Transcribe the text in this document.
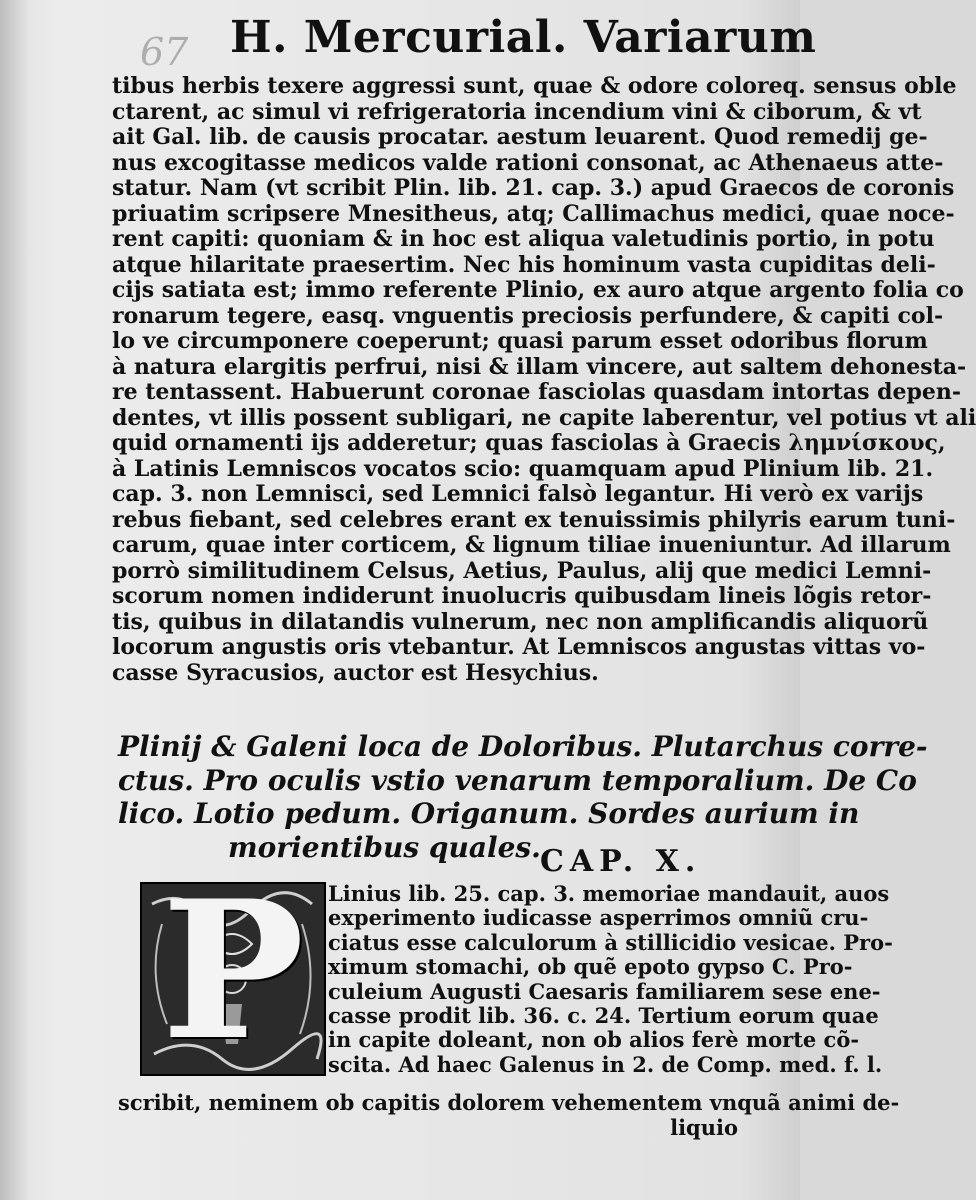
67 H. Mercurial. Variarum
tibus herbis texere aggressi sunt, quae & odore coloreq. sensus oble
ctarent, ac simul vi refrigeratoria incendium vini & ciborum, & vt
ait Gal. lib. de causis procatar. aestum leuarent. Quod remedij ge-
nus excogitasse medicos valde rationi consonat, ac Athenaeus atte-
statur. Nam (vt scribit Plin. lib. 21. cap. 3.) apud Graecos de coronis
priuatim scripsere Mnesitheus, atq; Callimachus medici, quae noce-
rent capiti: quoniam & in hoc est aliqua valetudinis portio, in potu
atque hilaritate praesertim. Nec his hominum vasta cupiditas deli-
cijs satiata est; immo referente Plinio, ex auro atque argento folia co
ronarum tegere, easq. vnguentis preciosis perfundere, & capiti col-
lo ve circumponere coeperunt; quasi parum esset odoribus florum
à natura elargitis perfrui, nisi & illam vincere, aut saltem dehonesta-
re tentassent. Habuerunt coronae fasciolas quasdam intortas depen-
dentes, vt illis possent subligari, ne capite laberentur, vel potius vt ali
quid ornamenti ijs adderetur; quas fasciolas à Graecis λημνίσκους,
à Latinis Lemniscos vocatos scio: quamquam apud Plinium lib. 21.
cap. 3. non Lemnisci, sed Lemnici falsò legantur. Hi verò ex varijs
rebus fiebant, sed celebres erant ex tenuissimis philyris earum tuni-
carum, quae inter corticem, & lignum tiliae inueniuntur. Ad illarum
porrò similitudinem Celsus, Aetius, Paulus, alij que medici Lemni-
scorum nomen indiderunt inuolucris quibusdam lineis lõgis retor-
tis, quibus in dilatandis vulnerum, nec non amplificandis aliquorũ
locorum angustis oris vtebantur. At Lemniscos angustas vittas vo-
casse Syracusios, auctor est Hesychius.
Plinij & Galeni loca de Doloribus. Plutarchus corre-
ctus. Pro oculis vstio venarum temporalium. De Co
lico. Lotio pedum. Origanum. Sordes aurium in
morientibus quales. CAP. X.
P	Linius lib. 25. cap. 3. memoriae mandauit, auos
experimento iudicasse asperrimos omniũ cru-
ciatus esse calculorum à stillicidio vesicae. Pro-
ximum stomachi, ob quẽ epoto gypso C. Pro-
culeium Augusti Caesaris familiarem sese ene-
casse prodit lib. 36. c. 24. Tertium eorum quae
in capite doleant, non ob alios ferè morte cõ-
scita. Ad haec Galenus in 2. de Comp. med. f. l.
scribit, neminem ob capitis dolorem vehementem vnquã animi de-
liquio
